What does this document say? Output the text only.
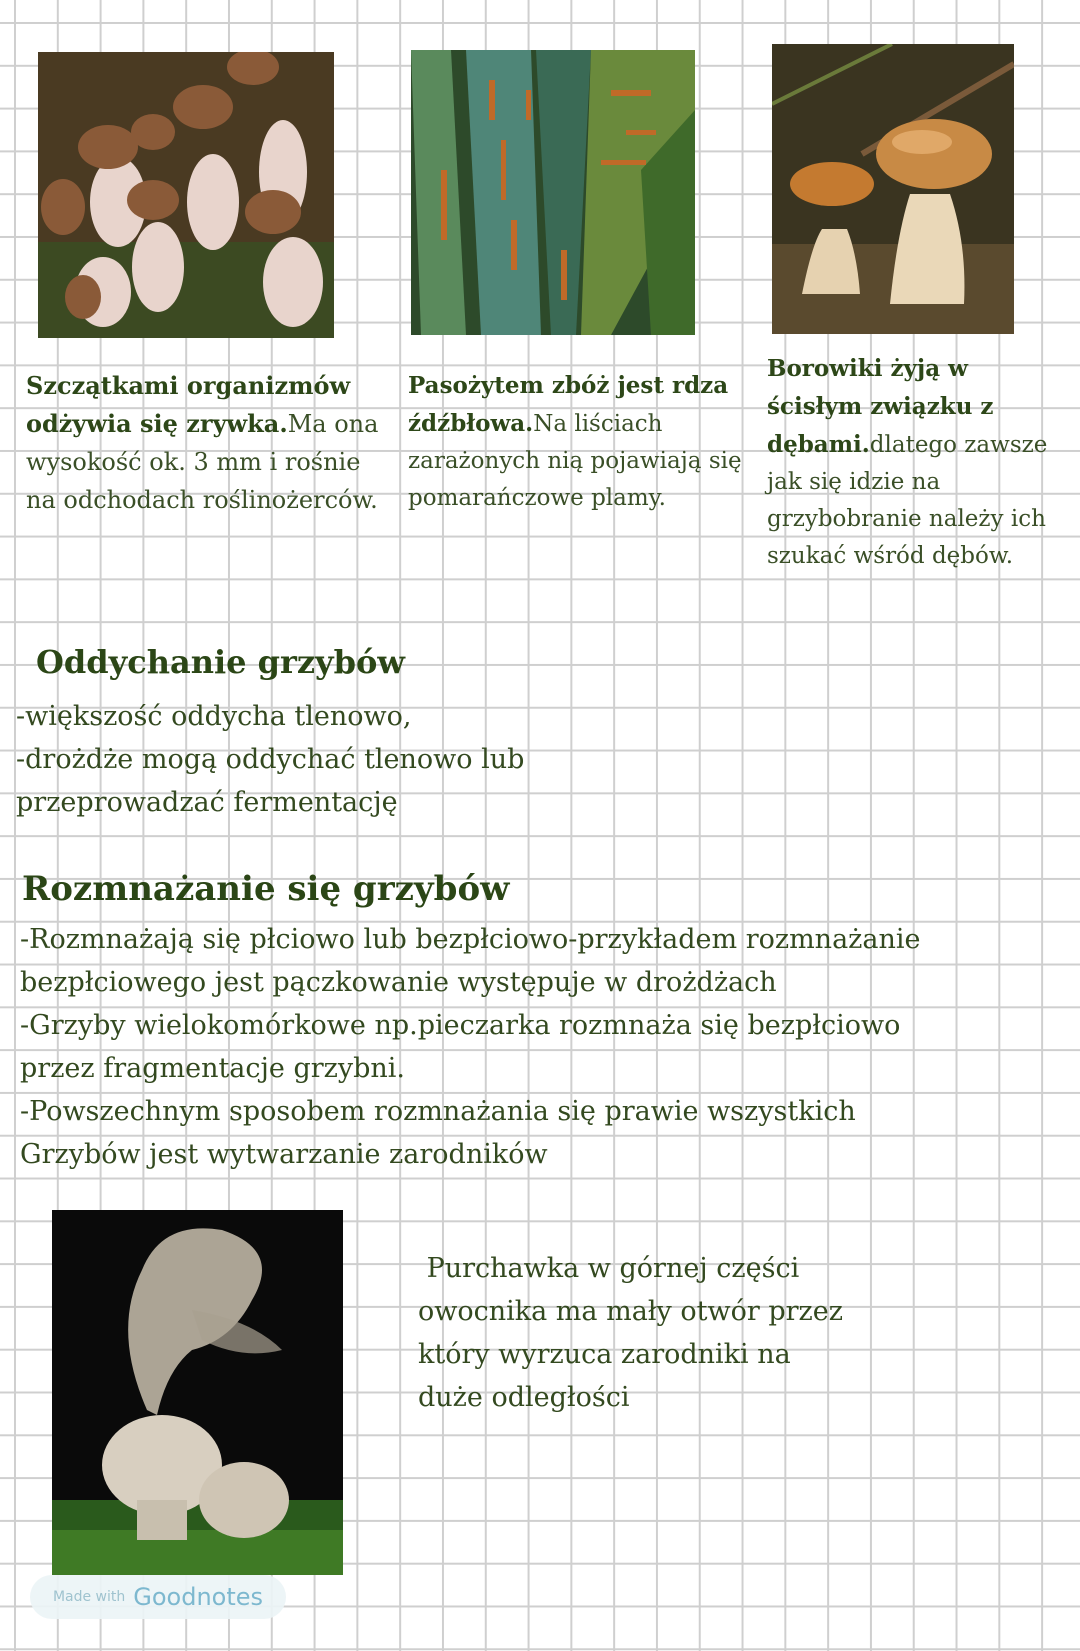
Szczątkami organizmów odżywia się zrywka.Ma ona wysokość ok. 3 mm i rośnie na odchodach roślinożerców.
Pasożytem zbóż jest rdza źdźbłowa.Na liściach zarażonych nią pojawiają się pomarańczowe plamy.
Borowiki żyją w ścisłym związku z dębami.dlatego zawsze jak się idzie na grzybobranie należy ich szukać wśród dębów.
Oddychanie grzybów
-większość oddycha tlenowo,
-drożdże mogą oddychać tlenowo lub
przeprowadzać fermentację
Rozmnażanie się grzybów
-Rozmnażają się płciowo lub bezpłciowo-przykładem rozmnażanie
bezpłciowego jest pączkowanie występuje w drożdżach
-Grzyby wielokomórkowe np.pieczarka rozmnaża się bezpłciowo
przez fragmentacje grzybni.
-Powszechnym sposobem rozmnażania się prawie wszystkich
Grzybów jest wytwarzanie zarodników
Purchawka w górnej części
owocnika ma mały otwór przez
który wyrzuca zarodniki na
duże odległości
Made with Goodnotes
